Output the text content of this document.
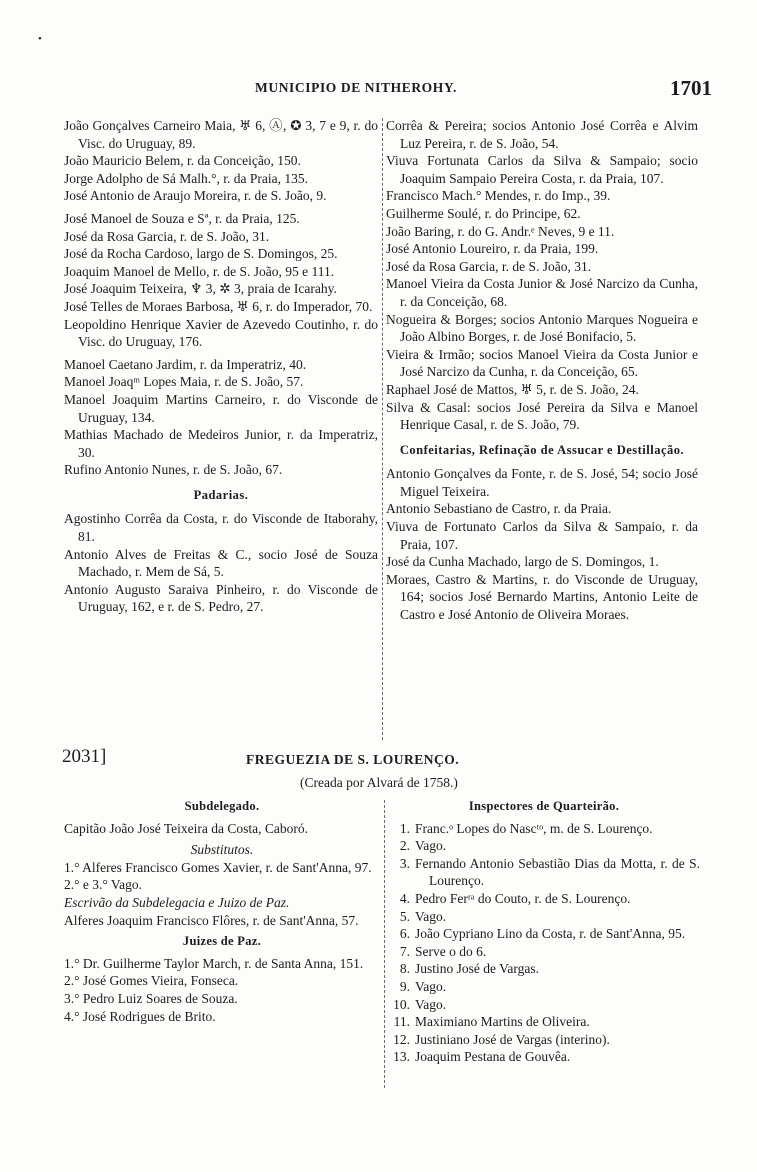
•
MUNICIPIO DE NITHEROHY.	1701

João Gonçalves Carneiro Maia, ♅ 6, Ⓐ, ✪ 3, 7 e 9, r. do Visc. do Uruguay, 89.

João Mauricio Belem, r. da Conceição, 150.

Jorge Adolpho de Sá Malh.°, r. da Praia, 135.

José Antonio de Araujo Moreira, r. de S. João, 9.

José Manoel de Souza e Sª, r. da Praia, 125.

José da Rosa Garcia, r. de S. João, 31.

José da Rocha Cardoso, largo de S. Domingos, 25.

Joaquim Manoel de Mello, r. de S. João, 95 e 111.

José Joaquim Teixeira, ♆ 3, ✲ 3, praia de Icarahy.

José Telles de Moraes Barbosa, ♅ 6, r. do Imperador, 70.

Leopoldino Henrique Xavier de Azevedo Coutinho, r. do Visc. do Uruguay, 176.

Manoel Caetano Jardim, r. da Imperatriz, 40.

Manoel Joaqᵐ Lopes Maia, r. de S. João, 57.

Manoel Joaquim Martins Carneiro, r. do Visconde de Uruguay, 134.

Mathias Machado de Medeiros Junior, r. da Imperatriz, 30.

Rufino Antonio Nunes, r. de S. João, 67.

Padarias.

Agostinho Corrêa da Costa, r. do Visconde de Itaborahy, 81.

Antonio Alves de Freitas & C., socio José de Souza Machado, r. Mem de Sá, 5.

Antonio Augusto Saraiva Pinheiro, r. do Visconde de Uruguay, 162, e r. de S. Pedro, 27.

Corrêa & Pereira; socios Antonio José Corrêa e Alvim Luz Pereira, r. de S. João, 54.

Viuva Fortunata Carlos da Silva & Sampaio; socio Joaquim Sampaio Pereira Costa, r. da Praia, 107.

Francisco Mach.° Mendes, r. do Imp., 39.

Guilherme Soulé, r. do Principe, 62.

João Baring, r. do G. Andr.ᵉ Neves, 9 e 11.

José Antonio Loureiro, r. da Praia, 199.

José da Rosa Garcia, r. de S. João, 31.

Manoel Vieira da Costa Junior & José Narcizo da Cunha, r. da Conceição, 68.

Nogueira & Borges; socios Antonio Marques Nogueira e João Albino Borges, r. de José Bonifacio, 5.

Vieira & Irmão; socios Manoel Vieira da Costa Junior e José Narcizo da Cunha, r. da Conceição, 65.

Raphael José de Mattos, ♅ 5, r. de S. João, 24.

Silva & Casal: socios José Pereira da Silva e Manoel Henrique Casal, r. de S. João, 79.

Confeitarias, Refinação de Assucar e Destillação.

Antonio Gonçalves da Fonte, r. de S. José, 54; socio José Miguel Teixeira.

Antonio Sebastiano de Castro, r. da Praia.

Viuva de Fortunato Carlos da Silva & Sampaio, r. da Praia, 107.

José da Cunha Machado, largo de S. Domingos, 1.

Moraes, Castro & Martins, r. do Visconde de Uruguay, 164; socios José Bernardo Martins, Antonio Leite de Castro e José Antonio de Oliveira Moraes.

2031]	FREGUEZIA DE S. LOURENÇO.
(Creada por Alvará de 1758.)
Subdelegado.

Capitão João José Teixeira da Costa, Caboró.

Substitutos.

1.° Alferes Francisco Gomes Xavier, r. de Sant'Anna, 97.

2.° e 3.° Vago.

Escrivão da Subdelegacia e Juizo de Paz.

Alferes Joaquim Francisco Flôres, r. de Sant'Anna, 57.

Juizes de Paz.

1.° Dr. Guilherme Taylor March, r. de Santa Anna, 151.

2.° José Gomes Vieira, Fonseca.

3.° Pedro Luiz Soares de Souza.

4.° José Rodrigues de Brito.

Inspectores de Quarteirão.
1. Franc.ᵒ Lopes do Nascᵗᵒ, m. de S. Lourenço.
2. Vago.
3. Fernando Antonio Sebastião Dias da Motta, r. de S. Lourenço.
4. Pedro Ferʳᵃ do Couto, r. de S. Lourenço.
5. Vago.
6. João Cypriano Lino da Costa, r. de Sant'Anna, 95.
7. Serve o do 6.
8. Justino José de Vargas.
9. Vago.
10. Vago.
11. Maximiano Martins de Oliveira.
12. Justiniano José de Vargas (interino).
13. Joaquim Pestana de Gouvêa.
